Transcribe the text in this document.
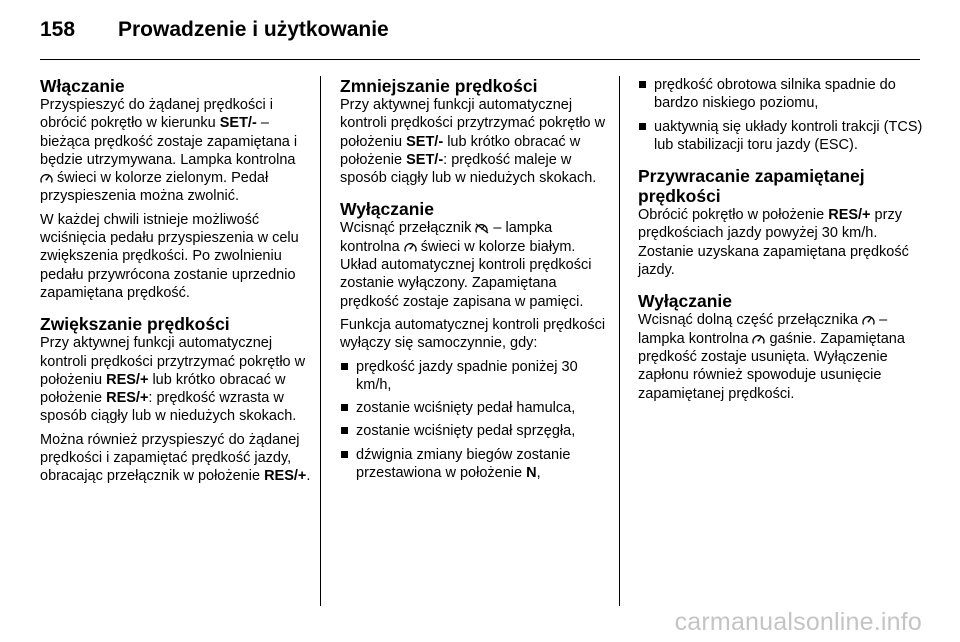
158 Prowadzenie i użytkowanie
Włączanie

Przyspieszyć do żądanej prędkości i obrócić pokrętło w kierunku SET/- – bieżąca prędkość zostaje zapamiętana i będzie utrzymywana. Lampka kontrolna  świeci w kolorze zielonym. Pedał przyspieszenia można zwolnić.

W każdej chwili istnieje możliwość wciśnięcia pedału przyspieszenia w celu zwiększenia prędkości. Po zwolnieniu pedału przywrócona zostanie uprzednio zapamiętana prędkość.

Zwiększanie prędkości

Przy aktywnej funkcji automatycznej kontroli prędkości przytrzymać pokrętło w położeniu RES/+ lub krótko obracać w położenie RES/+: prędkość wzrasta w sposób ciągły lub w niedużych skokach.

Można również przyspieszyć do żądanej prędkości i zapamiętać prędkość jazdy, obracając przełącznik w położenie RES/+.

Zmniejszanie prędkości

Przy aktywnej funkcji automatycznej kontroli prędkości przytrzymać pokrętło w położeniu SET/- lub krótko obracać w położenie SET/-: prędkość maleje w sposób ciągły lub w niedużych skokach.

Wyłączanie

Wcisnąć przełącznik  – lampka kontrolna  świeci w kolorze białym. Układ automatycznej kontroli prędkości zostanie wyłączony. Zapamiętana prędkość zostaje zapisana w pamięci.

Funkcja automatycznej kontroli prędkości wyłączy się samoczynnie, gdy:

prędkość jazdy spadnie poniżej 30 km/h,
zostanie wciśnięty pedał hamulca,
zostanie wciśnięty pedał sprzęgła,
dźwignia zmiany biegów zostanie przestawiona w położenie N,
prędkość obrotowa silnika spadnie do bardzo niskiego poziomu,
uaktywnią się układy kontroli trakcji (TCS) lub stabilizacji toru jazdy (ESC).
Przywracanie zapamiętanej prędkości

Obrócić pokrętło w położenie RES/+ przy prędkościach jazdy powyżej 30 km/h. Zostanie uzyskana zapamiętana prędkość jazdy.

Wyłączanie

Wcisnąć dolną część przełącznika  – lampka kontrolna  gaśnie. Zapamiętana prędkość zostaje usunięta. Wyłączenie zapłonu również spowoduje usunięcie zapamiętanej prędkości.

carmanualsonline.info
